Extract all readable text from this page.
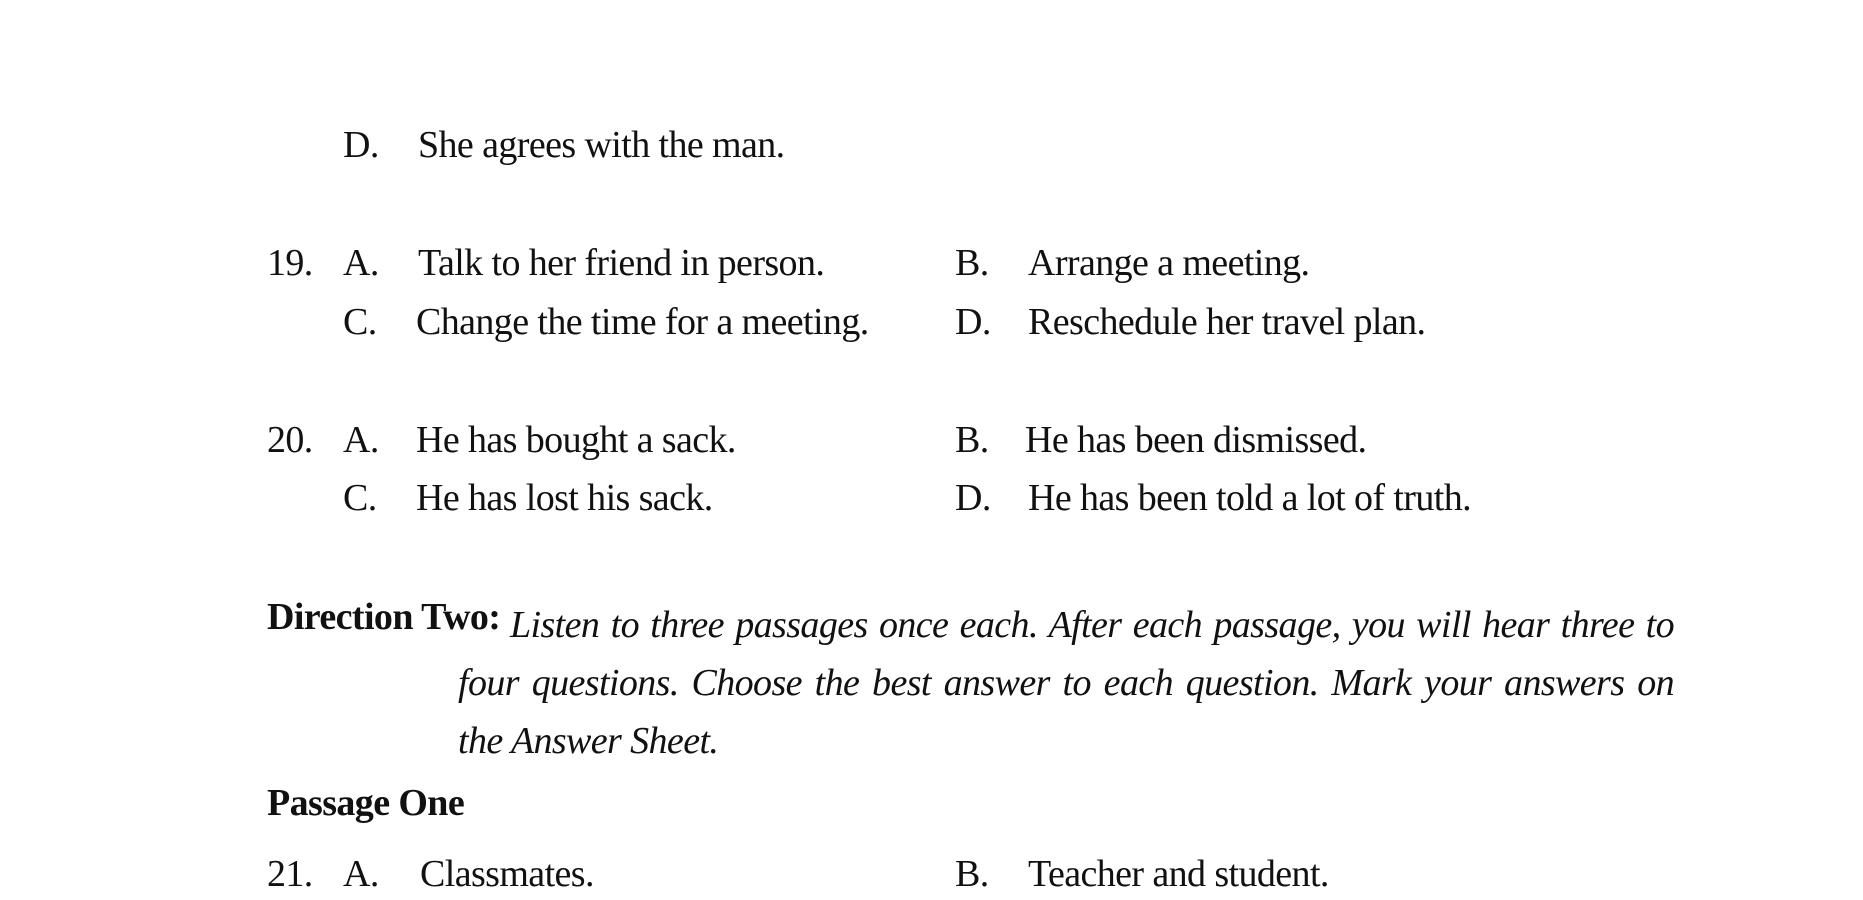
D. She agrees with the man.
19. A. Talk to her friend in person.	B. Arrange a meeting.
C. Change the time for a meeting. D. Reschedule her travel plan.
20. A. He has bought a sack.	B. He has been dismissed.
C. He has lost his sack.	D. He has been told a lot of truth.
Direction Two: Listen to three passages once each. After each passage, you will hear three to four questions. Choose the best answer to each question. Mark your answers on the Answer Sheet.
Passage One
21. A. Classmates.	B. Teacher and student.
